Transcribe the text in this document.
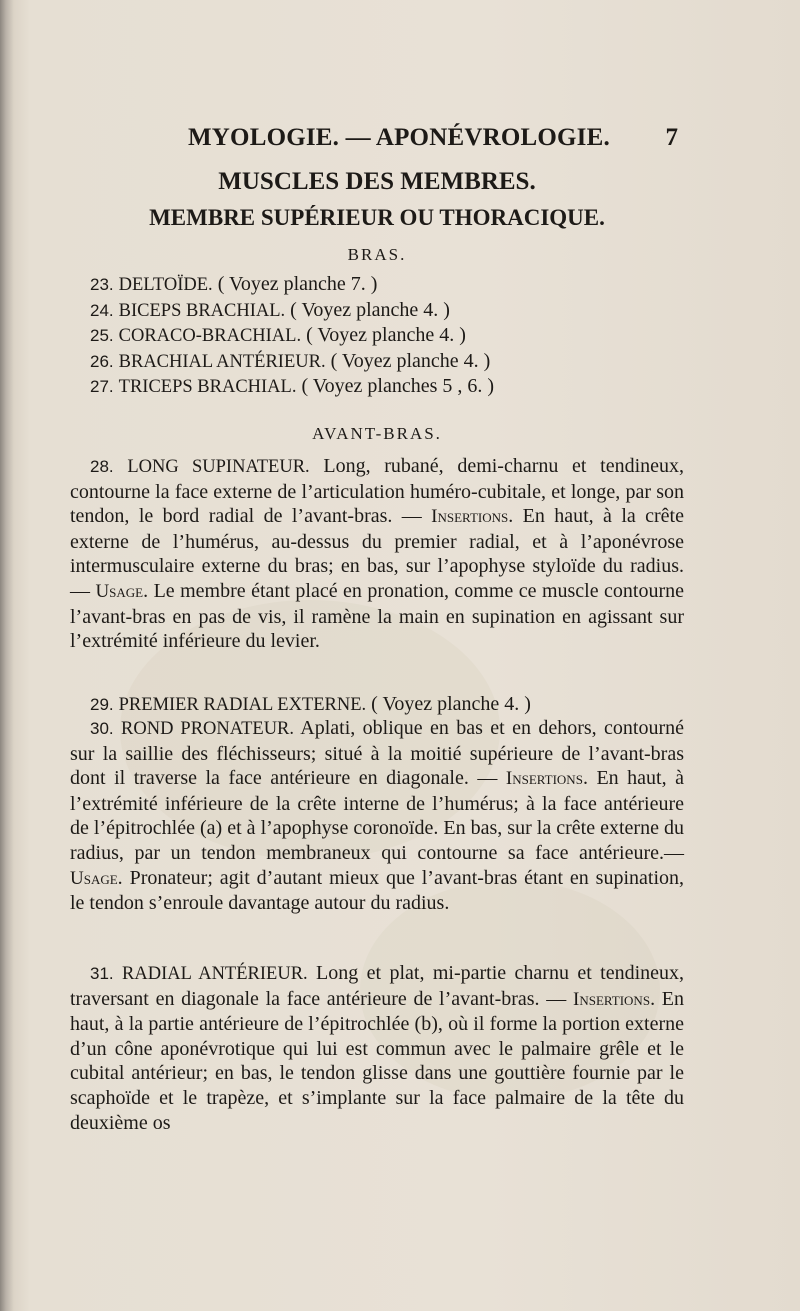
MYOLOGIE. — APONÉVROLOGIE. 7
MUSCLES DES MEMBRES.
MEMBRE SUPÉRIEUR OU THORACIQUE.
BRAS.
23. DELTOÏDE. ( Voyez planche 7. )
24. BICEPS BRACHIAL. ( Voyez planche 4. )
25. CORACO-BRACHIAL. ( Voyez planche 4. )
26. BRACHIAL ANTÉRIEUR. ( Voyez planche 4. )
27. TRICEPS BRACHIAL. ( Voyez planches 5 , 6. )
AVANT-BRAS.
28. LONG SUPINATEUR. Long, rubané, demi-charnu et tendineux, contourne la face externe de l’articulation huméro-cubitale, et longe, par son tendon, le bord radial de l’avant-bras. — Insertions. En haut, à la crête externe de l’humérus, au-dessus du premier radial, et à l’aponévrose intermusculaire externe du bras; en bas, sur l’apophyse styloïde du radius. — Usage. Le membre étant placé en pronation, comme ce muscle contourne l’avant-bras en pas de vis, il ramène la main en supination en agissant sur l’extrémité inférieure du levier.
29. PREMIER RADIAL EXTERNE. ( Voyez planche 4. )
30. ROND PRONATEUR. Aplati, oblique en bas et en dehors, contourné sur la saillie des fléchisseurs; situé à la moitié supérieure de l’avant-bras dont il traverse la face antérieure en diagonale. — Insertions. En haut, à l’extrémité inférieure de la crête interne de l’humérus; à la face antérieure de l’épitrochlée (a) et à l’apophyse coronoïde. En bas, sur la crête externe du radius, par un tendon membraneux qui contourne sa face antérieure.— Usage. Pronateur; agit d’autant mieux que l’avant-bras étant en supination, le tendon s’enroule davantage autour du radius.
31. RADIAL ANTÉRIEUR. Long et plat, mi-partie charnu et tendineux, traversant en diagonale la face antérieure de l’avant-bras. — Insertions. En haut, à la partie antérieure de l’épitrochlée (b), où il forme la portion externe d’un cône aponévrotique qui lui est commun avec le palmaire grêle et le cubital antérieur; en bas, le tendon glisse dans une gouttière fournie par le scaphoïde et le trapèze, et s’implante sur la face palmaire de la tête du deuxième os
